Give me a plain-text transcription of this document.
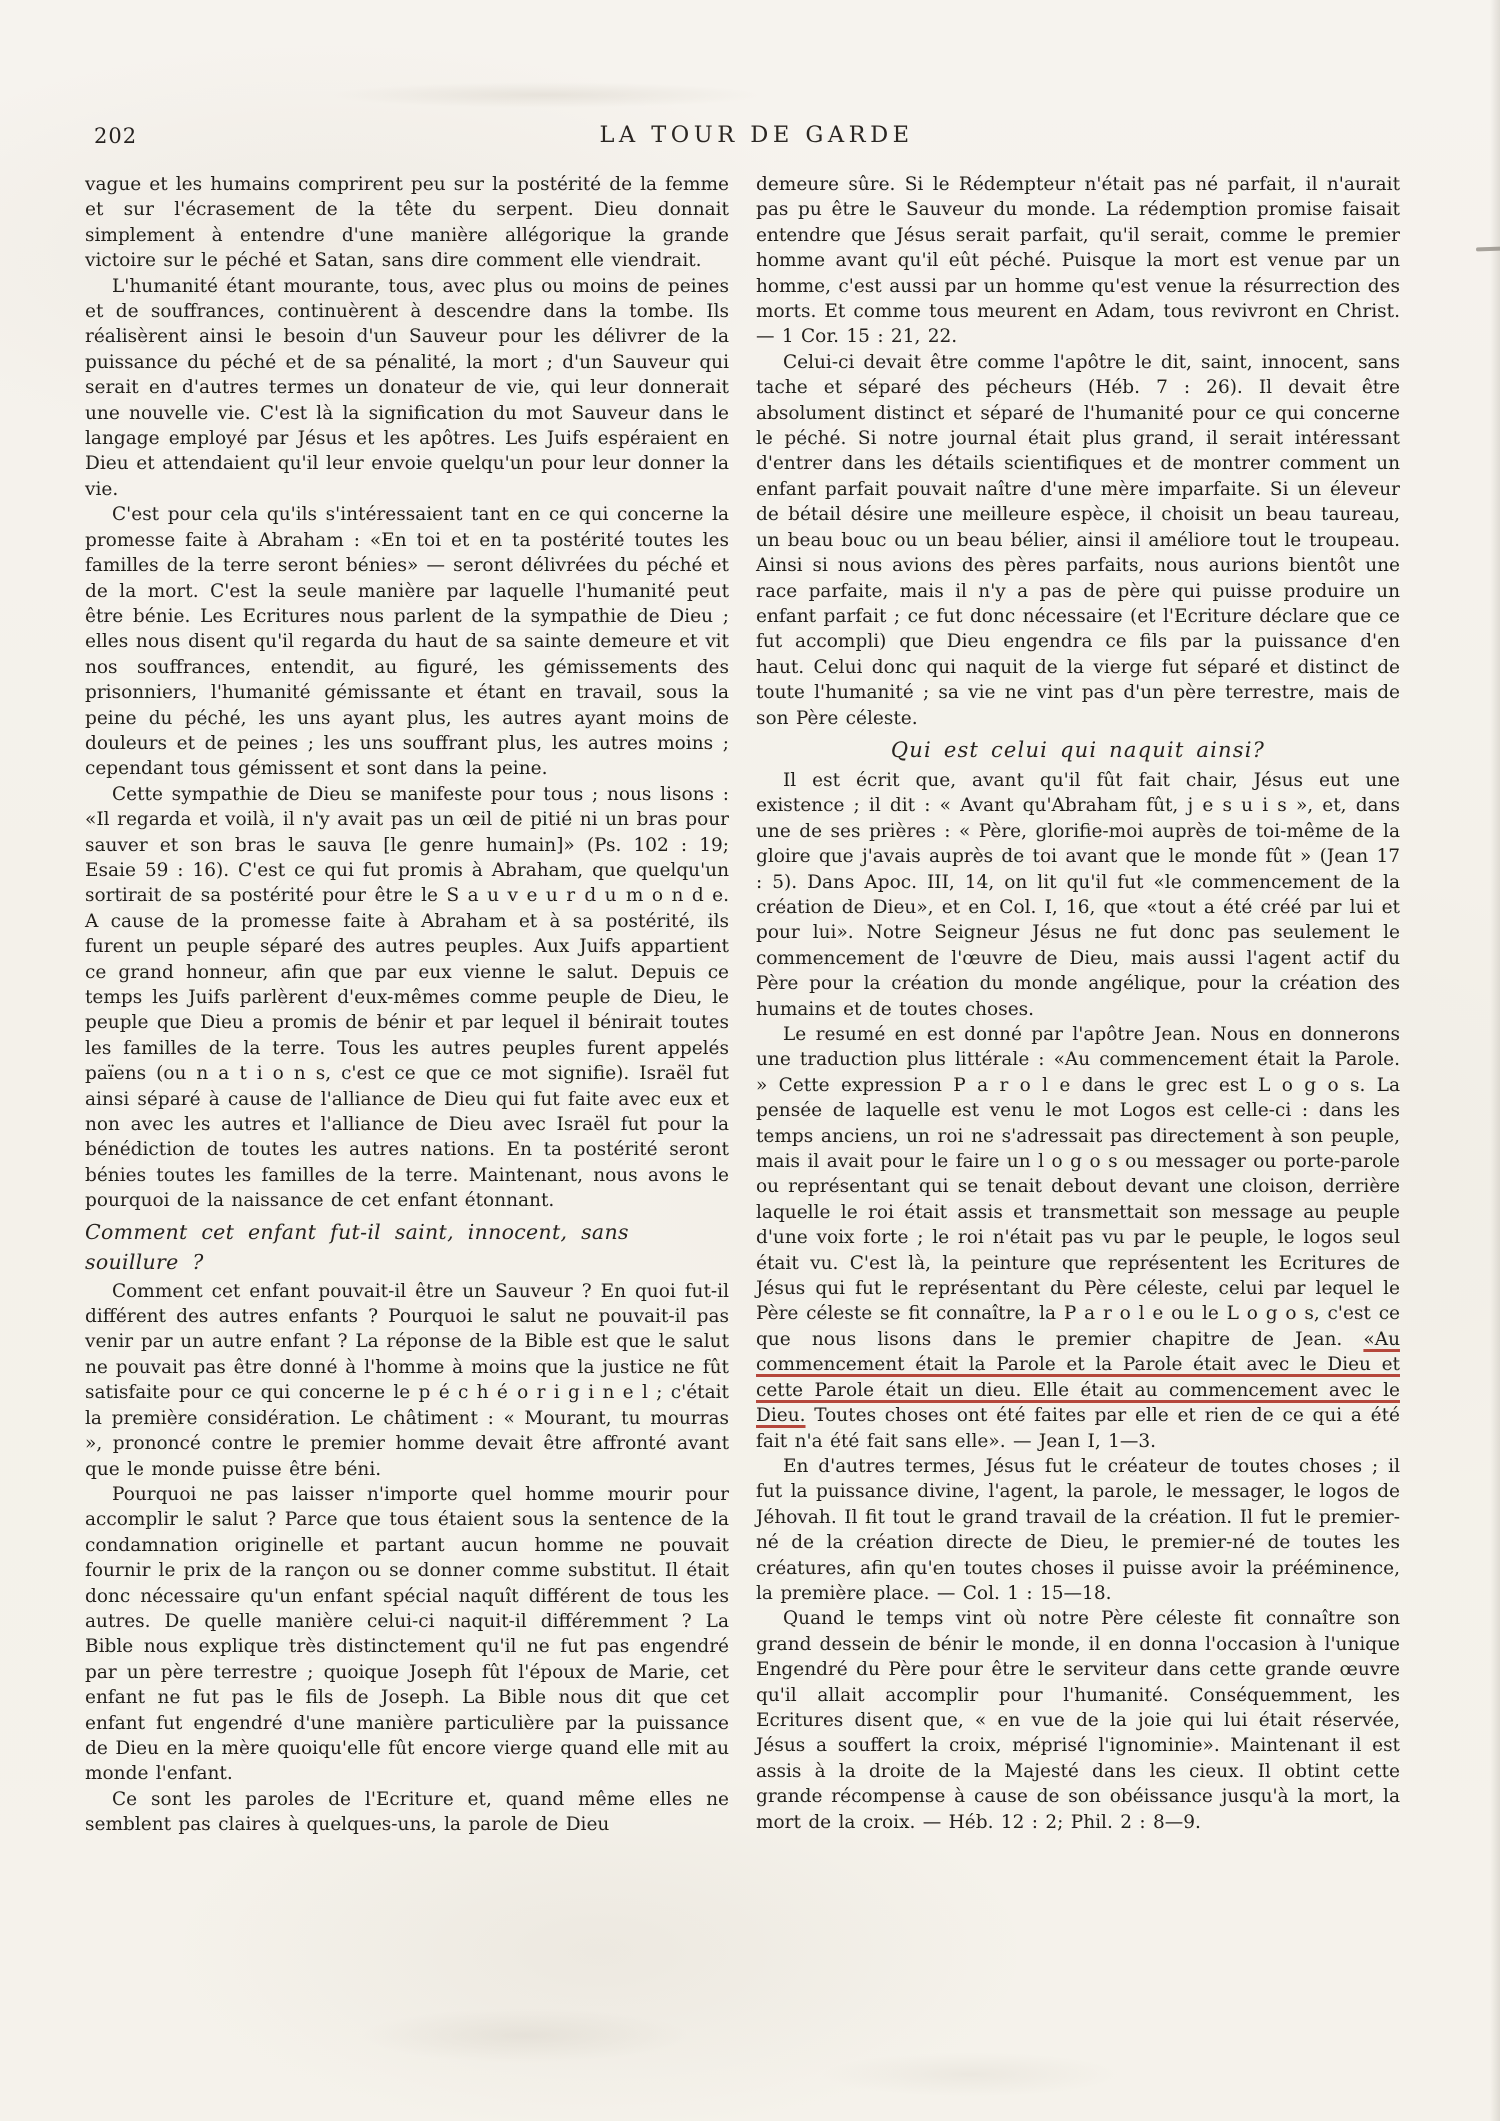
202	LA TOUR DE GARDE

vague et les humains comprirent peu sur la postérité de la femme et sur l'écrasement de la tête du serpent. Dieu donnait simplement à entendre d'une manière allégorique la grande victoire sur le péché et Satan, sans dire comment elle viendrait.

L'humanité étant mourante, tous, avec plus ou moins de peines et de souffrances, continuèrent à descendre dans la tombe. Ils réalisèrent ainsi le besoin d'un Sauveur pour les délivrer de la puissance du péché et de sa pénalité, la mort ; d'un Sauveur qui serait en d'autres termes un donateur de vie, qui leur donnerait une nouvelle vie. C'est là la signification du mot Sauveur dans le langage employé par Jésus et les apôtres. Les Juifs espéraient en Dieu et attendaient qu'il leur envoie quelqu'un pour leur donner la vie.

C'est pour cela qu'ils s'intéressaient tant en ce qui concerne la promesse faite à Abraham : «En toi et en ta postérité toutes les familles de la terre seront bénies» — seront délivrées du péché et de la mort. C'est la seule manière par laquelle l'humanité peut être bénie. Les Ecritures nous parlent de la sympathie de Dieu ; elles nous disent qu'il regarda du haut de sa sainte demeure et vit nos souffrances, entendit, au figuré, les gémissements des prisonniers, l'humanité gémissante et étant en travail, sous la peine du péché, les uns ayant plus, les autres ayant moins de douleurs et de peines ; les uns souffrant plus, les autres moins ; cependant tous gémissent et sont dans la peine.

Cette sympathie de Dieu se manifeste pour tous ; nous lisons : «Il regarda et voilà, il n'y avait pas un œil de pitié ni un bras pour sauver et son bras le sauva [le genre humain]» (Ps. 102 : 19; Esaie 59 : 16). C'est ce qui fut promis à Abraham, que quelqu'un sortirait de sa postérité pour être le S a u v e u r d u m o n d e. A cause de la promesse faite à Abraham et à sa postérité, ils furent un peuple séparé des autres peuples. Aux Juifs appartient ce grand honneur, afin que par eux vienne le salut. Depuis ce temps les Juifs parlèrent d'eux-mêmes comme peuple de Dieu, le peuple que Dieu a promis de bénir et par lequel il bénirait toutes les familles de la terre. Tous les autres peuples furent appelés païens (ou n a t i o n s, c'est ce que ce mot signifie). Israël fut ainsi séparé à cause de l'alliance de Dieu qui fut faite avec eux et non avec les autres et l'alliance de Dieu avec Israël fut pour la bénédiction de toutes les autres nations. En ta postérité seront bénies toutes les familles de la terre. Maintenant, nous avons le pourquoi de la naissance de cet enfant étonnant.

Comment cet enfant fut-il saint, innocent, sans souillure ?

Comment cet enfant pouvait-il être un Sauveur ? En quoi fut-il différent des autres enfants ? Pourquoi le salut ne pouvait-il pas venir par un autre enfant ? La réponse de la Bible est que le salut ne pouvait pas être donné à l'homme à moins que la justice ne fût satisfaite pour ce qui concerne le p é c h é o r i g i n e l ; c'était la première considération. Le châtiment : « Mourant, tu mourras », prononcé contre le premier homme devait être affronté avant que le monde puisse être béni.

Pourquoi ne pas laisser n'importe quel homme mourir pour accomplir le salut ? Parce que tous étaient sous la sentence de la condamnation originelle et partant aucun homme ne pouvait fournir le prix de la rançon ou se donner comme substitut. Il était donc nécessaire qu'un enfant spécial naquît différent de tous les autres. De quelle manière celui-ci naquit-il différemment ? La Bible nous explique très distinctement qu'il ne fut pas engendré par un père terrestre ; quoique Joseph fût l'époux de Marie, cet enfant ne fut pas le fils de Joseph. La Bible nous dit que cet enfant fut engendré d'une manière particulière par la puissance de Dieu en la mère quoiqu'elle fût encore vierge quand elle mit au monde l'enfant.

Ce sont les paroles de l'Ecriture et, quand même elles ne semblent pas claires à quelques-uns, la parole de Dieu

demeure sûre. Si le Rédempteur n'était pas né parfait, il n'aurait pas pu être le Sauveur du monde. La rédemption promise faisait entendre que Jésus serait parfait, qu'il serait, comme le premier homme avant qu'il eût péché. Puisque la mort est venue par un homme, c'est aussi par un homme qu'est venue la résurrection des morts. Et comme tous meurent en Adam, tous revivront en Christ. — 1 Cor. 15 : 21, 22.

Celui-ci devait être comme l'apôtre le dit, saint, innocent, sans tache et séparé des pécheurs (Héb. 7 : 26). Il devait être absolument distinct et séparé de l'humanité pour ce qui concerne le péché. Si notre journal était plus grand, il serait intéressant d'entrer dans les détails scientifiques et de montrer comment un enfant parfait pouvait naître d'une mère imparfaite. Si un éleveur de bétail désire une meilleure espèce, il choisit un beau taureau, un beau bouc ou un beau bélier, ainsi il améliore tout le troupeau. Ainsi si nous avions des pères parfaits, nous aurions bientôt une race parfaite, mais il n'y a pas de père qui puisse produire un enfant parfait ; ce fut donc nécessaire (et l'Ecriture déclare que ce fut accompli) que Dieu engendra ce fils par la puissance d'en haut. Celui donc qui naquit de la vierge fut séparé et distinct de toute l'humanité ; sa vie ne vint pas d'un père terrestre, mais de son Père céleste.

Qui est celui qui naquit ainsi?

Il est écrit que, avant qu'il fût fait chair, Jésus eut une existence ; il dit : « Avant qu'Abraham fût, j e s u i s », et, dans une de ses prières : « Père, glorifie-moi auprès de toi-même de la gloire que j'avais auprès de toi avant que le monde fût » (Jean 17 : 5). Dans Apoc. III, 14, on lit qu'il fut «le commencement de la création de Dieu», et en Col. I, 16, que «tout a été créé par lui et pour lui». Notre Seigneur Jésus ne fut donc pas seulement le commencement de l'œuvre de Dieu, mais aussi l'agent actif du Père pour la création du monde angélique, pour la création des humains et de toutes choses.

Le resumé en est donné par l'apôtre Jean. Nous en donnerons une traduction plus littérale : «Au commencement était la Parole. » Cette expression P a r o l e dans le grec est L o g o s. La pensée de laquelle est venu le mot Logos est celle-ci : dans les temps anciens, un roi ne s'adressait pas directement à son peuple, mais il avait pour le faire un l o g o s ou messager ou porte-parole ou représentant qui se tenait debout devant une cloison, derrière laquelle le roi était assis et transmettait son message au peuple d'une voix forte ; le roi n'était pas vu par le peuple, le logos seul était vu. C'est là, la peinture que représentent les Ecritures de Jésus qui fut le représentant du Père céleste, celui par lequel le Père céleste se fit connaître, la P a r o l e ou le L o g o s, c'est ce que nous lisons dans le premier chapitre de Jean. «Au commencement était la Parole et la Parole était avec le Dieu et cette Parole était un dieu. Elle était au commencement avec le Dieu. Toutes choses ont été faites par elle et rien de ce qui a été fait n'a été fait sans elle». — Jean I, 1—3.

En d'autres termes, Jésus fut le créateur de toutes choses ; il fut la puissance divine, l'agent, la parole, le messager, le logos de Jéhovah. Il fit tout le grand travail de la création. Il fut le premier-né de la création directe de Dieu, le premier-né de toutes les créatures, afin qu'en toutes choses il puisse avoir la prééminence, la première place. — Col. 1 : 15—18.

Quand le temps vint où notre Père céleste fit connaître son grand dessein de bénir le monde, il en donna l'occasion à l'unique Engendré du Père pour être le serviteur dans cette grande œuvre qu'il allait accomplir pour l'humanité. Conséquemment, les Ecritures disent que, « en vue de la joie qui lui était réservée, Jésus a souffert la croix, méprisé l'ignominie». Maintenant il est assis à la droite de la Majesté dans les cieux. Il obtint cette grande récompense à cause de son obéissance jusqu'à la mort, la mort de la croix. — Héb. 12 : 2; Phil. 2 : 8—9.
